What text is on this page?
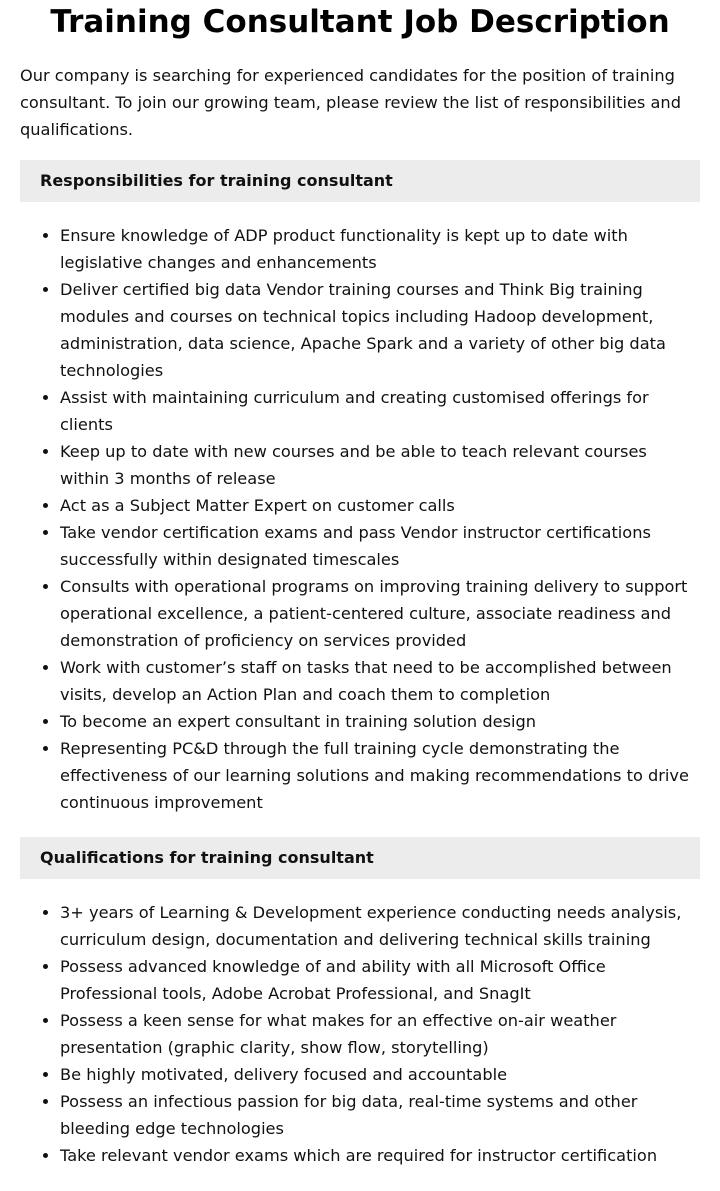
Training Consultant Job Description

Our company is searching for experienced candidates for the position of training consultant. To join our growing team, please review the list of responsibilities and qualifications.

Responsibilities for training consultant
Ensure knowledge of ADP product functionality is kept up to date with legislative changes and enhancements
Deliver certified big data Vendor training courses and Think Big training modules and courses on technical topics including Hadoop development, administration, data science, Apache Spark and a variety of other big data technologies
Assist with maintaining curriculum and creating customised offerings for clients
Keep up to date with new courses and be able to teach relevant courses within 3 months of release
Act as a Subject Matter Expert on customer calls
Take vendor certification exams and pass Vendor instructor certifications successfully within designated timescales
Consults with operational programs on improving training delivery to support operational excellence, a patient-centered culture, associate readiness and demonstration of proficiency on services provided
Work with customer’s staff on tasks that need to be accomplished between visits, develop an Action Plan and coach them to completion
To become an expert consultant in training solution design
Representing PC&D through the full training cycle demonstrating the effectiveness of our learning solutions and making recommendations to drive continuous improvement
Qualifications for training consultant
3+ years of Learning & Development experience conducting needs analysis, curriculum design, documentation and delivering technical skills training
Possess advanced knowledge of and ability with all Microsoft Office Professional tools, Adobe Acrobat Professional, and SnagIt
Possess a keen sense for what makes for an effective on-air weather presentation (graphic clarity, show flow, storytelling)
Be highly motivated, delivery focused and accountable
Possess an infectious passion for big data, real-time systems and other bleeding edge technologies
Take relevant vendor exams which are required for instructor certification
